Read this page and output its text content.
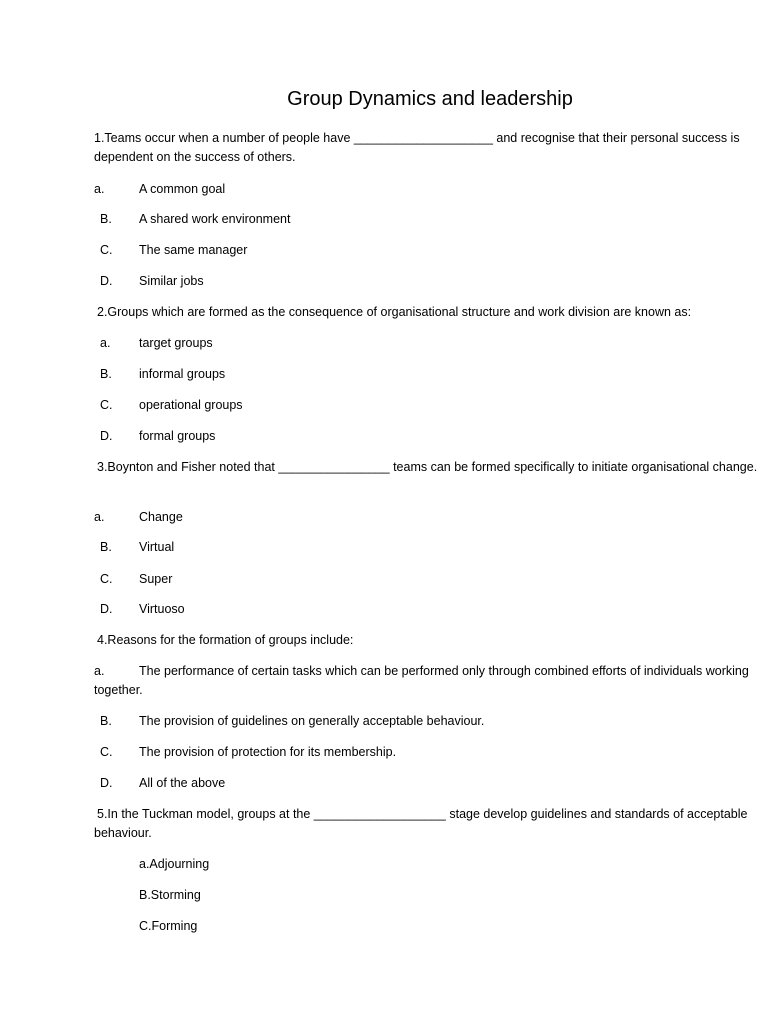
Group Dynamics and leadership
1.Teams occur when a number of people have ____________________ and recognise that their personal success is dependent on the success of others.
a.	A common goal
B. A shared work environment
C. The same manager
D. Similar jobs
2.Groups which are formed as the consequence of organisational structure and work division are known as:
a. target groups
B. informal groups
C. operational groups
D. formal groups
3.Boynton and Fisher noted that ________________ teams can be formed specifically to initiate organisational change.
a.	Change
B. Virtual
C. Super
D. Virtuoso
4.Reasons for the formation of groups include:
a.	The performance of certain tasks which can be performed only through combined efforts of individuals working together.
B. The provision of guidelines on generally acceptable behaviour.
C. The provision of protection for its membership.
D. All of the above
5.In the Tuckman model, groups at the ___________________ stage develop guidelines and standards of acceptable behaviour.
a.Adjourning
B.Storming
C.Forming
